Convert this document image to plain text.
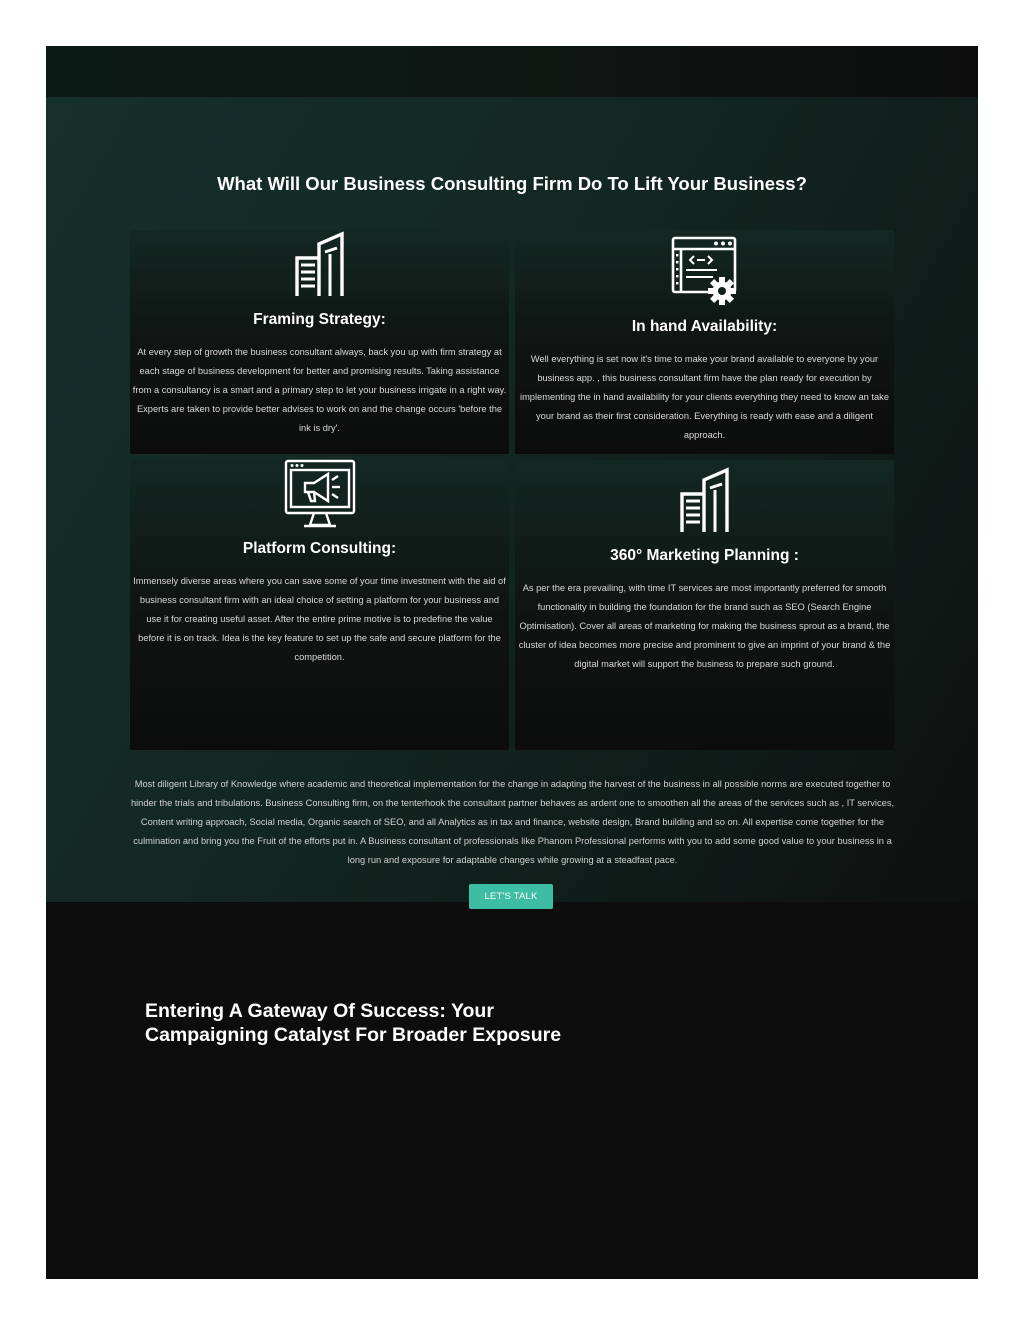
What Will Our Business Consulting Firm Do To Lift Your Business?
Framing Strategy:

At every step of growth the business consultant always, back you up with firm strategy at each stage of business development for better and promising results. Taking assistance from a consultancy is a smart and a primary step to let your business irrigate in a right way. Experts are taken to provide better advises to work on and the change occurs 'before the ink is dry'.

In hand Availability:

Well everything is set now it's time to make your brand available to everyone by your business app. , this business consultant firm have the plan ready for execution by implementing the in hand availability for your clients everything they need to know an take your brand as their first consideration. Everything is ready with ease and a diligent approach.

Platform Consulting:

Immensely diverse areas where you can save some of your time investment with the aid of business consultant firm with an ideal choice of setting a platform for your business and use it for creating useful asset. After the entire prime motive is to predefine the value before it is on track. Idea is the key feature to set up the safe and secure platform for the competition.

360° Marketing Planning :

As per the era prevailing, with time IT services are most importantly preferred for smooth functionality in building the foundation for the brand such as SEO (Search Engine Optimisation). Cover all areas of marketing for making the business sprout as a brand, the cluster of idea becomes more precise and prominent to give an imprint of your brand & the digital market will support the business to prepare such ground.

Most diligent Library of Knowledge where academic and theoretical implementation for the change in adapting the harvest of the business in all possible norms are executed together to hinder the trials and tribulations. Business Consulting firm, on the tenterhook the consultant partner behaves as ardent one to smoothen all the areas of the services such as , IT services, Content writing approach, Social media, Organic search of SEO, and all Analytics as in tax and finance, website design, Brand building and so on. All expertise come together for the culmination and bring you the Fruit of the efforts put in. A Business consultant of professionals like Phanom Professional performs with you to add some good value to your business in a long run and exposure for adaptable changes while growing at a steadfast pace.

LET'S TALK
Entering A Gateway Of Success: Your
Campaigning Catalyst For Broader Exposure
